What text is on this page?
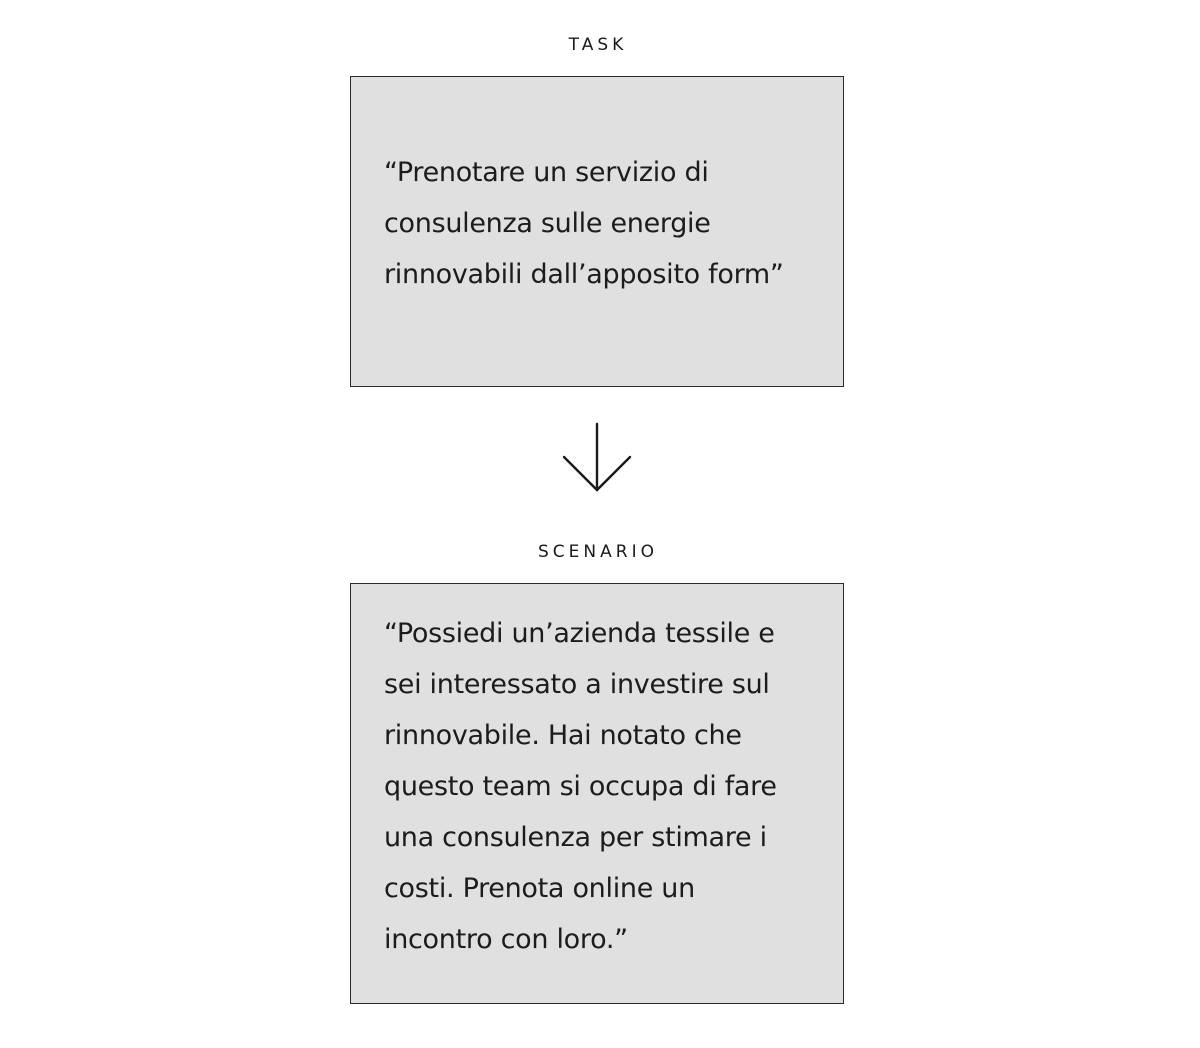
TASK

“Prenotare un servizio di
consulenza sulle energie
rinnovabili dall’apposito form”

SCENARIO

“Possiedi un’azienda tessile e
sei interessato a investire sul
rinnovabile. Hai notato che
questo team si occupa di fare
una consulenza per stimare i
costi. Prenota online un
incontro con loro.”
